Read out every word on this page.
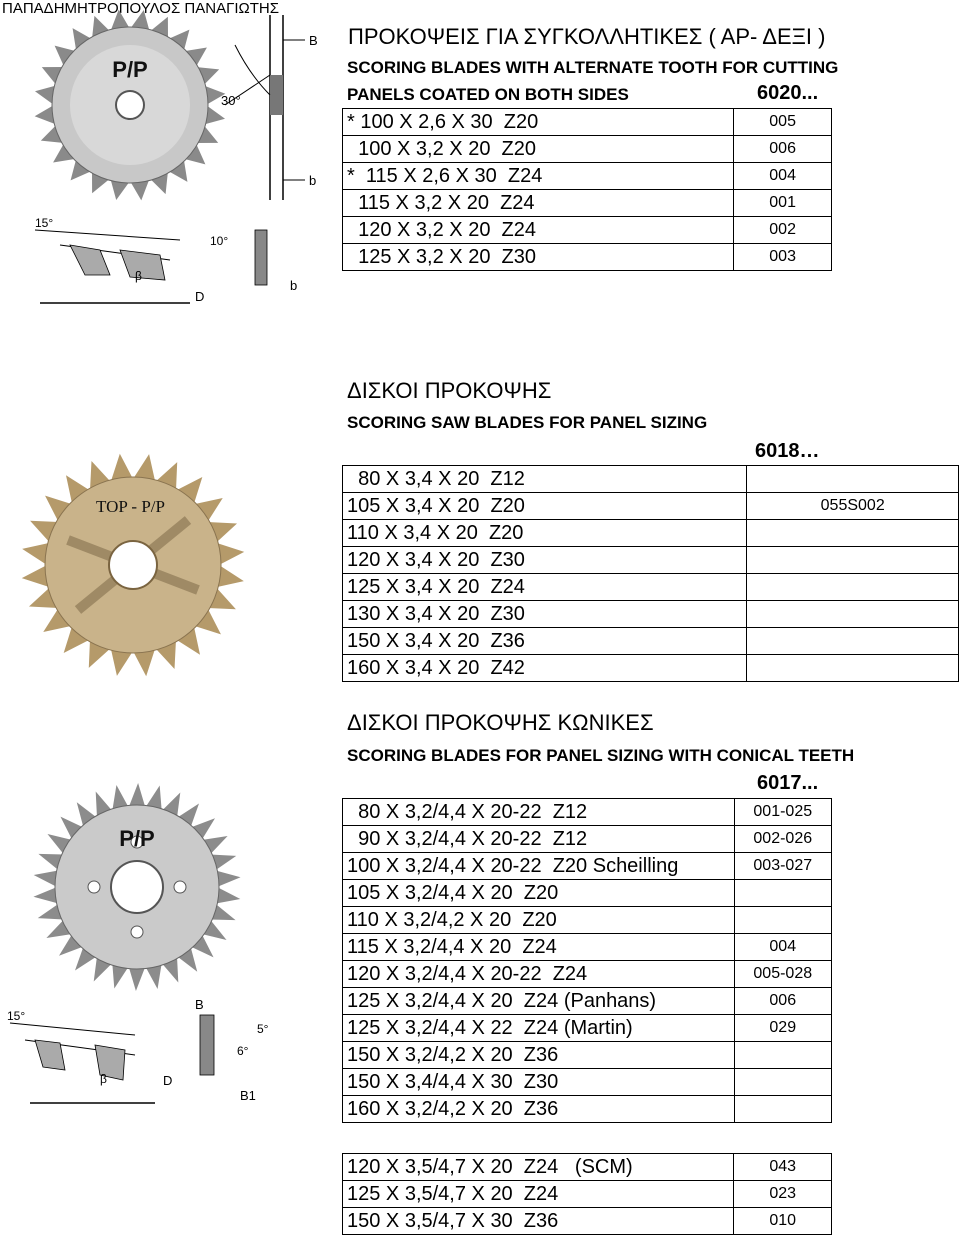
ΠΑΠΑΔΗΜΗΤΡΟΠΟΥΛΟΣ ΠΑΝΑΓΙΩΤΗΣ
ΠΡΟΚΟΨΕΙΣ ΓΙΑ ΣΥΓΚΟΛΛΗΤΙΚΕΣ ( ΑΡ- ΔΕΞΙ )
SCORING BLADES WITH ALTERNATE TOOTH FOR CUTTING
PANELS COATED ON BOTH SIDES	6020...
P/P
30°
B
b
15°
10°
β
D
b
* 100 X 2,6 X 30  Z20	005
100 X 3,2 X 20  Z20	006
*  115 X 2,6 X 30  Z24	004
115 X 3,2 X 20  Z24	001
120 X 3,2 X 20  Z24	002
125 X 3,2 X 20  Z30	003
ΔΙΣΚΟΙ ΠΡΟΚΟΨΗΣ
SCORING SAW BLADES FOR PANEL SIZING
6018…
TOP - P/P
80 X 3,4 X 20  Z12	
105 X 3,4 X 20  Z20	055S002
110 X 3,4 X 20  Z20	
120 X 3,4 X 20  Z30	
125 X 3,4 X 20  Z24	
130 X 3,4 X 20  Z30	
150 X 3,4 X 20  Z36	
160 X 3,4 X 20  Z42	
ΔΙΣΚΟΙ ΠΡΟΚΟΨΗΣ ΚΩΝΙΚΕΣ
SCORING BLADES FOR PANEL SIZING WITH CONICAL TEETH
6017...
P/P
15°
B
5°
6°
β	D
B1
80 X 3,2/4,4 X 20-22  Z12	001-025
90 X 3,2/4,4 X 20-22  Z12	002-026
100 X 3,2/4,4 X 20-22  Z20 Scheilling	003-027
105 X 3,2/4,4 X 20  Z20	
110 X 3,2/4,2 X 20  Z20	
115 X 3,2/4,4 X 20  Z24	004
120 X 3,2/4,4 X 20-22  Z24	005-028
125 X 3,2/4,4 X 20  Z24 (Panhans)	006
125 X 3,2/4,4 X 22  Z24 (Martin)	029
150 X 3,2/4,2 X 20  Z36	
150 X 3,4/4,4 X 30  Z30	
160 X 3,2/4,2 X 20  Z36	
120 X 3,5/4,7 X 20  Z24   (SCM)	043
125 X 3,5/4,7 X 20  Z24	023
150 X 3,5/4,7 X 30  Z36	010
